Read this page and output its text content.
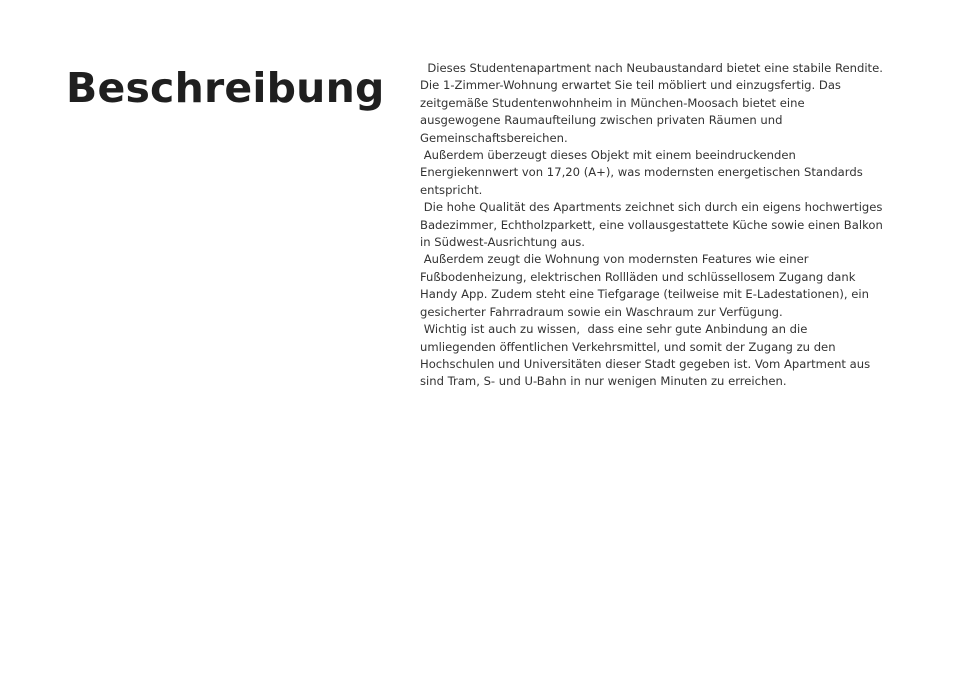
Beschreibung	Dieses Studentenapartment nach Neubaustandard bietet eine stabile Rendite. Die 1-Zimmer-Wohnung erwartet Sie teil möbliert und einzugsfertig. Das zeitgemäße Studentenwohnheim in München-Moosach bietet eine ausgewogene Raumaufteilung zwischen privaten Räumen und Gemeinschaftsbereichen.

Außerdem überzeugt dieses Objekt mit einem beeindruckenden Energiekennwert von 17,20 (A+), was modernsten energetischen Standards entspricht.

Die hohe Qualität des Apartments zeichnet sich durch ein eigens hochwertiges Badezimmer, Echtholzparkett, eine vollausgestattete Küche sowie einen Balkon in Südwest-Ausrichtung aus.

Außerdem zeugt die Wohnung von modernsten Features wie einer Fußbodenheizung, elektrischen Rollläden und schlüssellosem Zugang dank Handy App. Zudem steht eine Tiefgarage (teilweise mit E-Ladestationen), ein gesicherter Fahrradraum sowie ein Waschraum zur Verfügung.

Wichtig ist auch zu wissen,  dass eine sehr gute Anbindung an die umliegenden öffentlichen Verkehrsmittel, und somit der Zugang zu den Hochschulen und Universitäten dieser Stadt gegeben ist. Vom Apartment aus sind Tram, S- und U-Bahn in nur wenigen Minuten zu erreichen.
